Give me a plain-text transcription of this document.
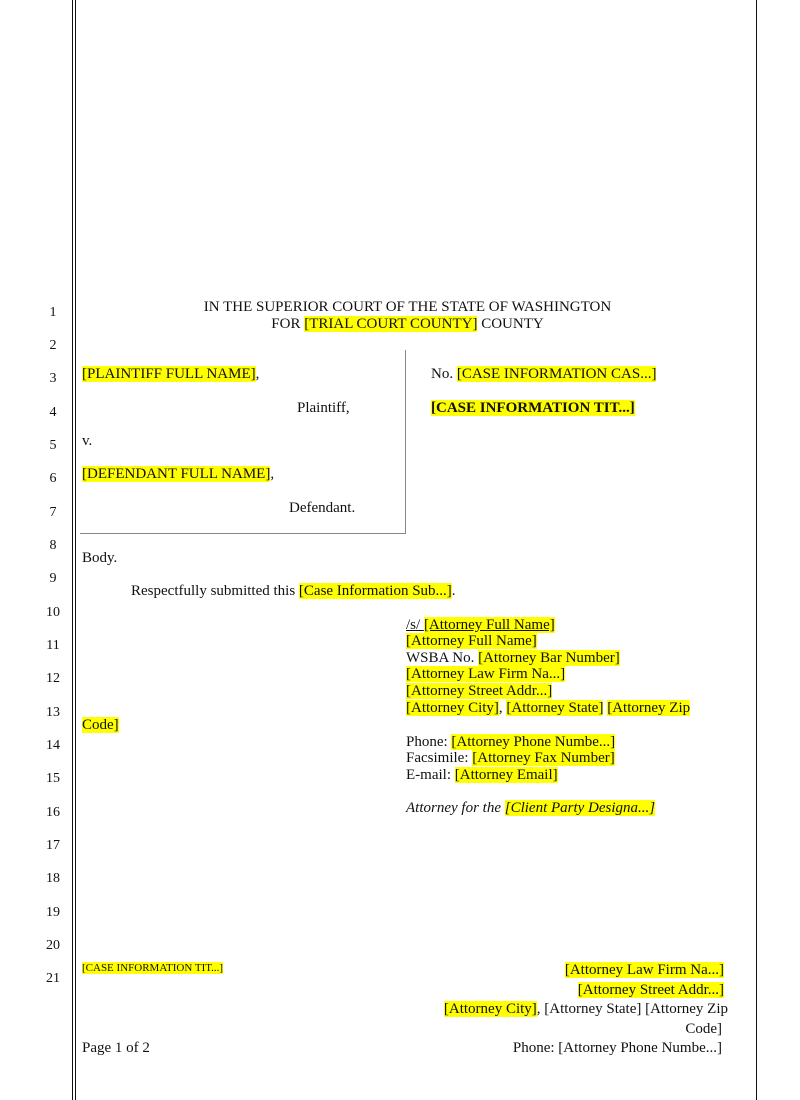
1
2
3
4
5
6
7
8
9
10
11
12
13
14
15
16
17
18
19
20
21
IN THE SUPERIOR COURT OF THE STATE OF WASHINGTON
FOR [TRIAL COURT COUNTY] COUNTY
[PLAINTIFF FULL NAME],
Plaintiff,
v.
[DEFENDANT FULL NAME],
Defendant.
No. [CASE INFORMATION CAS...]
[CASE INFORMATION TIT...]
Body.
Respectfully submitted this [Case Information Sub...].
/s/ [Attorney Full Name]
[Attorney Full Name]
WSBA No. [Attorney Bar Number]
[Attorney Law Firm Na...]
[Attorney Street Addr...]
[Attorney City], [Attorney State] [Attorney Zip
Code]
Phone: [Attorney Phone Numbe...]
Facsimile: [Attorney Fax Number]
E-mail: [Attorney Email]
Attorney for the [Client Party Designa...]
[CASE INFORMATION TIT...]
Page 1 of 2
[Attorney Law Firm Na...]
[Attorney Street Addr...]
[Attorney City], [Attorney State] [Attorney Zip
Code]
Phone: [Attorney Phone Numbe...]
